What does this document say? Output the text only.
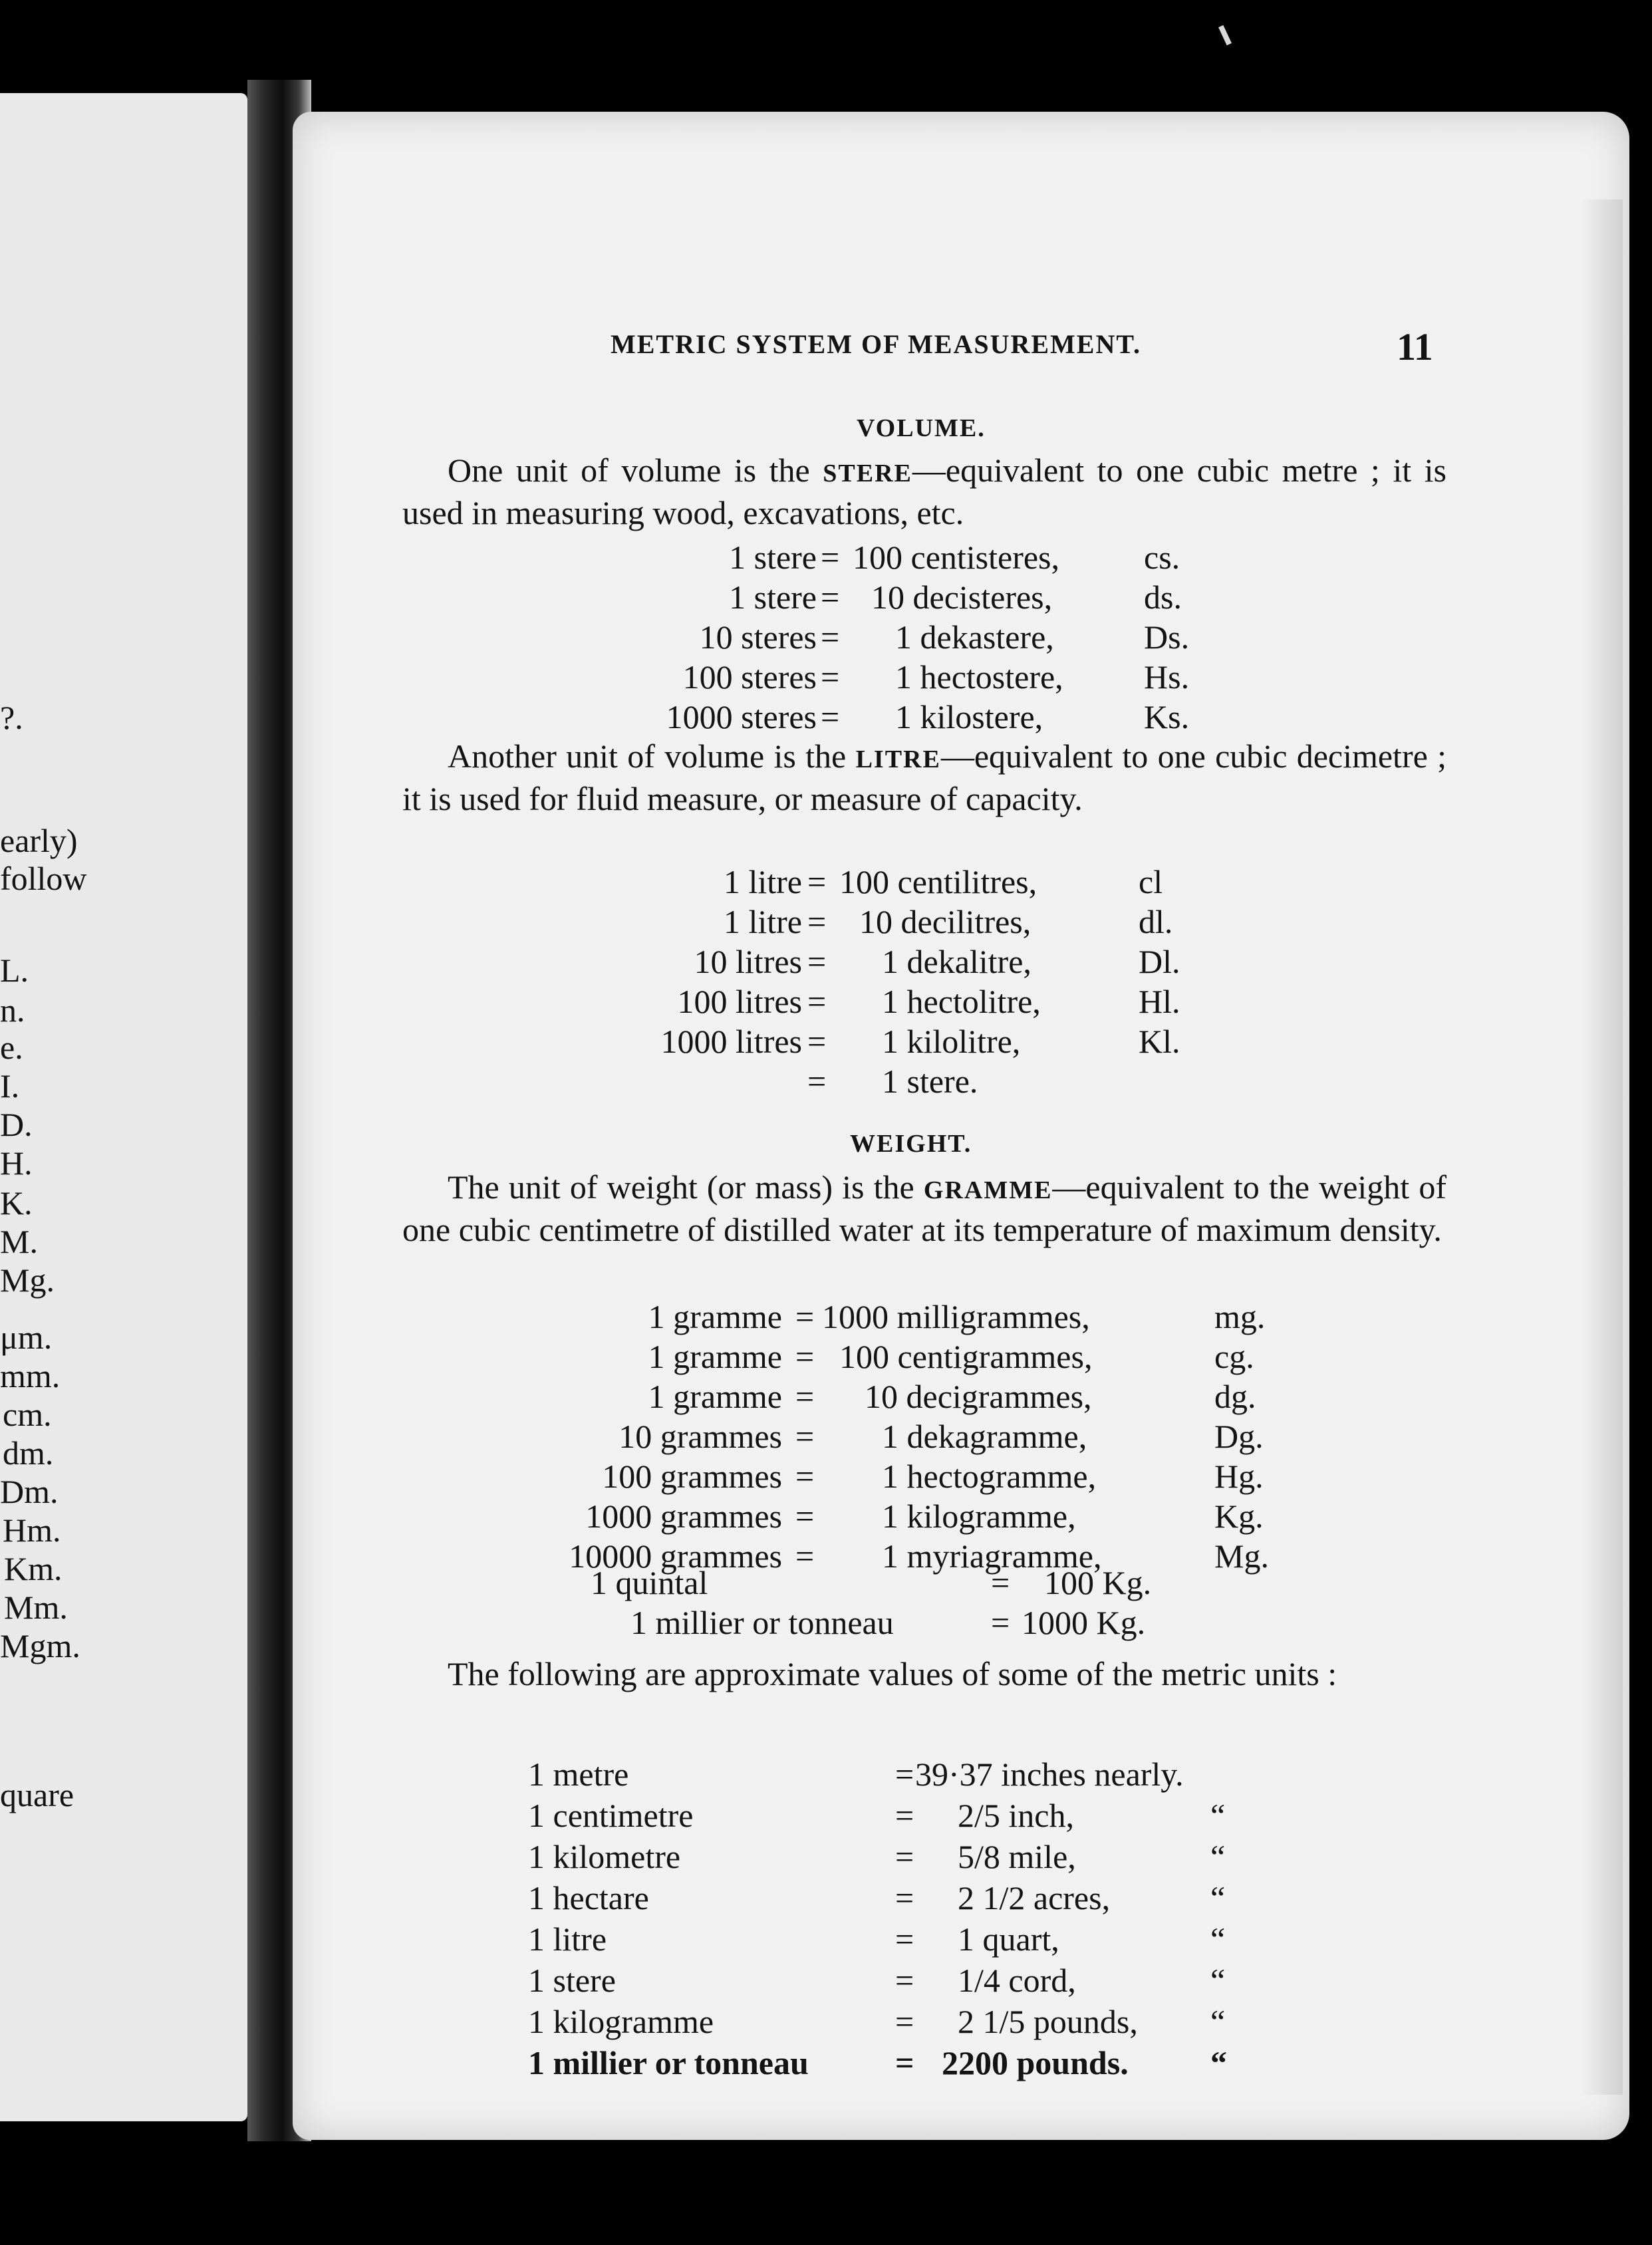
?.
early)
follow
L.
n.
e.
I.
D.
H.
K.
M.
Mg.
μm.
mm.
cm.
dm.
Dm.
Hm.
Km.
Mm.
Mgm.
quare
METRIC SYSTEM OF MEASUREMENT.	11
VOLUME.

One unit of volume is the STERE—equivalent to one cubic metre ; it is used in measuring wood, excavations, etc.

1 stere = 100 centisteres,	cs.
1 stere = 10 decisteres,	ds.
10 steres = 1 dekastere,	Ds.
100 steres = 1 hectostere, Hs.
1000 steres = 1 kilostere,	Ks.

Another unit of volume is the LITRE—equivalent to one cubic decimetre ; it is used for fluid measure, or measure of capacity.

1 litre = 100 centilitres,	cl
1 litre = 10 decilitres,	dl.
10 litres = 1 dekalitre,	Dl.
100 litres = 1 hectolitre,	Hl.
1000 litres = 1 kilolitre,	Kl.
= 1 stere.
WEIGHT.

The unit of weight (or mass) is the GRAMME—equivalent to the weight of one cubic centimetre of distilled water at its temperature of maximum density.

1 gramme = 1000 milligrammes,	mg.
1 gramme = 100 centigrammes,	cg.
1 gramme = 10 decigrammes,	dg.
10 grammes = 1 dekagramme,	Dg.
100 grammes = 1 hectogramme,	Hg.
1000 grammes = 1 kilogramme,	Kg.
10000 grammes = 1 myriagramme,	Mg.
1 quintal	= 100 Kg.
1 millier or tonneau	= 1000 Kg.

The following are approximate values of some of the metric units :

1 metre	= 39·37 inches nearly.
1 centimetre	= 2/5 inch,	“
1 kilometre	= 5/8 mile,	“
1 hectare	= 2 1/2 acres,	“
1 litre	= 1 quart,	“
1 stere	= 1/4 cord,	“
1 kilogramme	= 2 1/5 pounds, “
1 millier or tonneau	= 2200 pounds. “
